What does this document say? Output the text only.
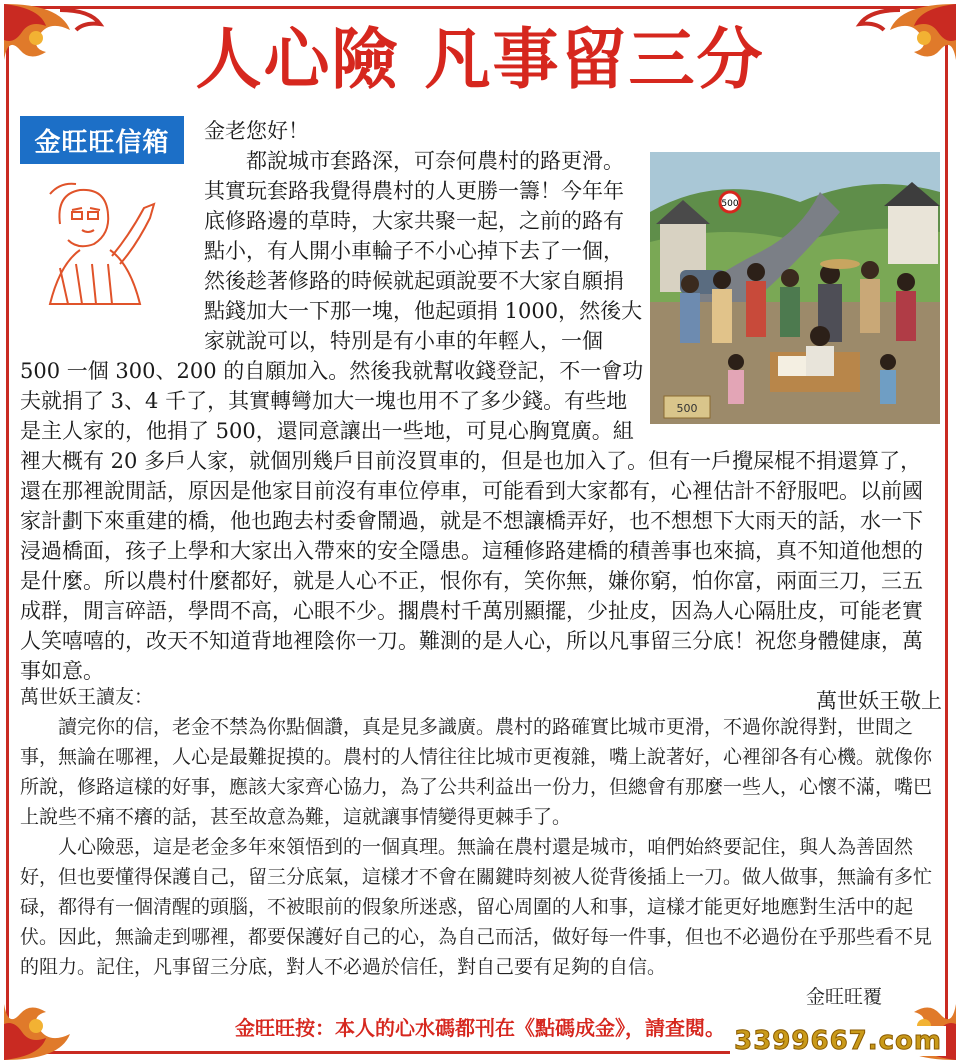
人心險 凡事留三分
金旺旺信箱
500
500

金老您好！

都說城市套路深，可奈何農村的路更滑。其實玩套路我覺得農村的人更勝一籌！今年年底修路邊的草時，大家共聚一起，之前的路有點小，有人開小車輪子不小心掉下去了一個，然後趁著修路的時候就起頭說要不大家自願捐點錢加大一下那一塊，他起頭捐 1000，然後大家就說可以，特別是有小車的年輕人，一個 500 一個 300、200 的自願加入。然後我就幫收錢登記，不一會功夫就捐了 3、4 千了，其實轉彎加大一塊也用不了多少錢。有些地是主人家的，他捐了 500，還同意讓出一些地，可見心胸寬廣。組裡大概有 20 多戶人家，就個別幾戶目前沒買車的，但是也加入了。但有一戶攪屎棍不捐還算了，還在那裡說閒話，原因是他家目前沒有車位停車，可能看到大家都有，心裡估計不舒服吧。以前國家計劃下來重建的橋，他也跑去村委會鬧過，就是不想讓橋弄好，也不想想下大雨天的話，水一下浸過橋面，孩子上學和大家出入帶來的安全隱患。這種修路建橋的積善事也來搞，真不知道他想的是什麼。所以農村什麼都好，就是人心不正，恨你有，笑你無，嫌你窮，怕你富，兩面三刀，三五成群，閒言碎語，學問不高，心眼不少。擱農村千萬別顯擺，少扯皮，因為人心隔肚皮，可能老實人笑嘻嘻的，改天不知道背地裡陰你一刀。難測的是人心，所以凡事留三分底！祝您身體健康，萬事如意。

萬世妖王敬上

萬世妖王讀友：

讀完你的信，老金不禁為你點個讚，真是見多識廣。農村的路確實比城市更滑，不過你說得對，世間之事，無論在哪裡，人心是最難捉摸的。農村的人情往往比城市更複雜，嘴上說著好，心裡卻各有心機。就像你所說，修路這樣的好事，應該大家齊心協力，為了公共利益出一份力，但總會有那麼一些人，心懷不滿，嘴巴上說些不痛不癢的話，甚至故意為難，這就讓事情變得更棘手了。

人心險惡，這是老金多年來領悟到的一個真理。無論在農村還是城市，咱們始終要記住，與人為善固然好，但也要懂得保護自己，留三分底氣，這樣才不會在關鍵時刻被人從背後插上一刀。做人做事，無論有多忙碌，都得有一個清醒的頭腦，不被眼前的假象所迷惑，留心周圍的人和事，這樣才能更好地應對生活中的起伏。因此，無論走到哪裡，都要保護好自己的心，為自己而活，做好每一件事，但也不必過份在乎那些看不見的阻力。記住，凡事留三分底，對人不必過於信任，對自己要有足夠的自信。

金旺旺覆

金旺旺按：本人的心水碼都刊在《點碼成金》，請查閱。 3399667.com
